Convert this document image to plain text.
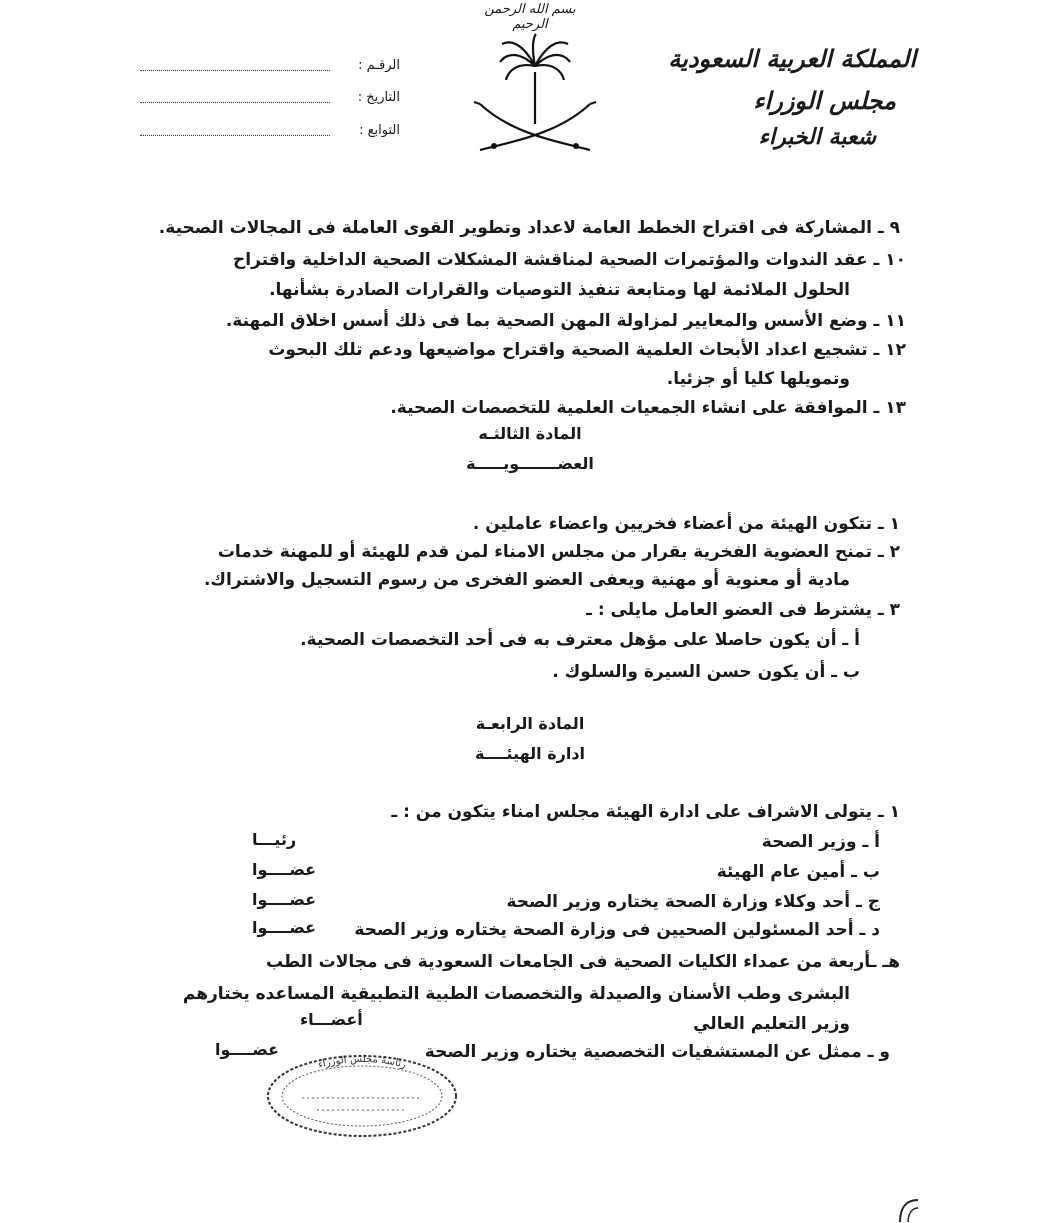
بسم الله الرحمن الرحيم
المملكة العربية السعودية
مجلس الوزراء
شعبة الخبراء
الرقـم :
التاريخ :
التوابع :
٩ ـ المشاركة فى اقتراح الخطط العامة لاعداد وتطوير القوى العاملة فى المجالات الصحية.
١٠ ـ عقد الندوات والمؤتمرات الصحية لمناقشة المشكلات الصحية الداخلية واقتراح
الحلول الملائمة لها ومتابعة تنفيذ التوصيات والقرارات الصادرة بشأنها.
١١ ـ وضع الأسس والمعايير لمزاولة المهن الصحية بما فى ذلك أسس اخلاق المهنة.
١٢ ـ تشجيع اعداد الأبحاث العلمية الصحية واقتراح مواضيعها ودعم تلك البحوث
وتمويلها كليا أو جزئيا.
١٣ ـ الموافقة على انشاء الجمعيات العلمية للتخصصات الصحية.
المادة الثالثـه
العضـــــــويـــــة
١ ـ تتكون الهيئة من أعضاء فخريين واعضاء عاملين .
٢ ـ تمنح العضوية الفخرية بقرار من مجلس الامناء لمن قدم للهيئة أو للمهنة خدمات
مادية أو معنوية أو مهنية ويعفى العضو الفخرى من رسوم التسجيل والاشتراك.
٣ ـ يشترط فى العضو العامل مايلى : ـ
أ ـ أن يكون حاصلا على مؤهل معترف به فى أحد التخصصات الصحية.
ب ـ أن يكون حسن السيرة والسلوك .
المادة الرابعـة
ادارة الهيئــــة
١ ـ يتولى الاشراف على ادارة الهيئة مجلس امناء يتكون من : ـ
أ ـ وزير الصحة
رئيـــا
ب ـ أمين عام الهيئة
عضــــوا
ج ـ أحد وكلاء وزارة الصحة يختاره وزير الصحة
عضــــوا
د ـ أحد المسئولين الصحيين فى وزارة الصحة يختاره وزير الصحة
عضــــوا
هـ ـأربعة من عمداء الكليات الصحية فى الجامعات السعودية فى مجالات الطب
البشرى وطب الأسنان والصيدلة والتخصصات الطبية التطبيقية المساعده يختارهم
وزير التعليم العالي
أعضـــاء
و ـ ممثل عن المستشفيات التخصصية يختاره وزير الصحة
عضــــوا
رئاسة مجلس الوزراء
